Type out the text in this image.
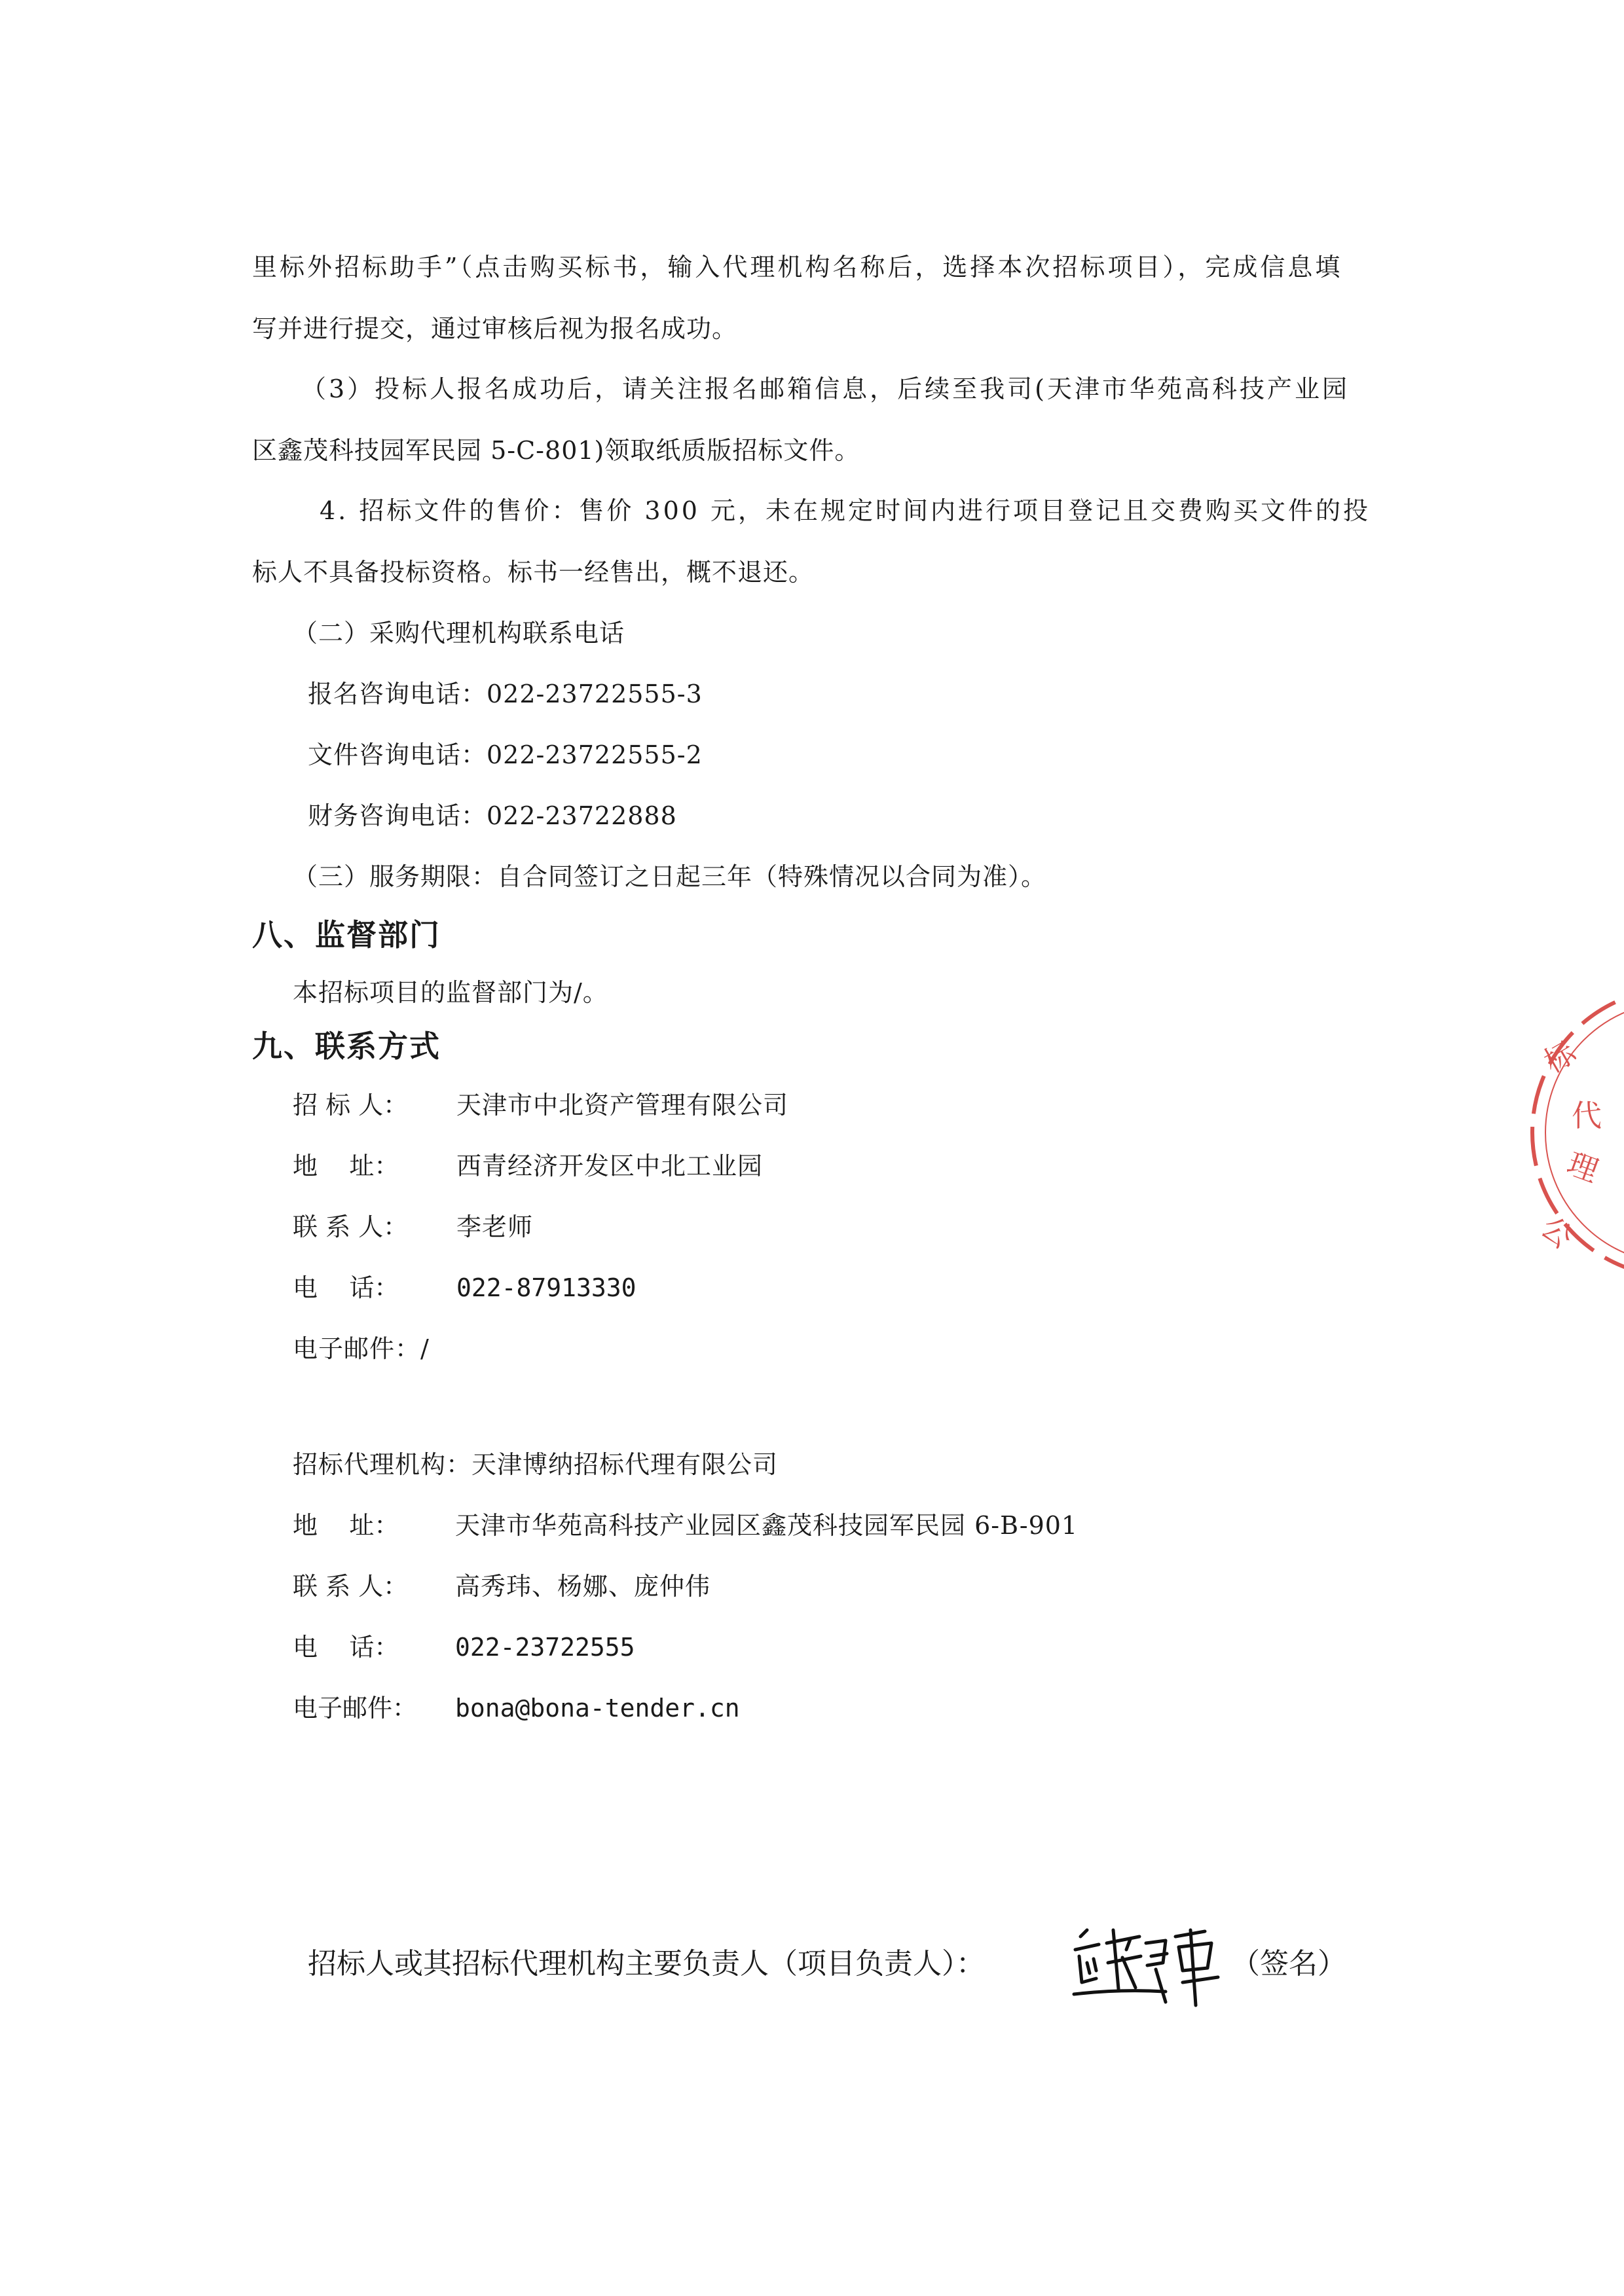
里标外招标助手”（点击购买标书，输入代理机构名称后，选择本次招标项目），完成信息填
写并进行提交，通过审核后视为报名成功。
（3）投标人报名成功后，请关注报名邮箱信息，后续至我司(天津市华苑高科技产业园
区鑫茂科技园军民园 5-C-801)领取纸质版招标文件。
4. 招标文件的售价：售价 300 元，未在规定时间内进行项目登记且交费购买文件的投
标人不具备投标资格。标书一经售出，概不退还。
（二）采购代理机构联系电话
报名咨询电话：022-23722555-3
文件咨询电话：022-23722555-2
财务咨询电话：022-23722888
（三）服务期限：自合同签订之日起三年（特殊情况以合同为准）。
八、监督部门
本招标项目的监督部门为/。
九、联系方式
招 标 人： 天津市中北资产管理有限公司
地    址： 西青经济开发区中北工业园
联 系 人： 李老师
电    话： 022-87913330
电子邮件：/
招标代理机构：天津博纳招标代理有限公司
地    址： 天津市华苑高科技产业园区鑫茂科技园军民园 6-B-901
联 系 人： 高秀玮、杨娜、庞仲伟
电    话： 022-23722555
电子邮件： bona@bona-tender.cn
招标人或其招标代理机构主要负责人（项目负责人）：	（签名）
标
代
理
公
